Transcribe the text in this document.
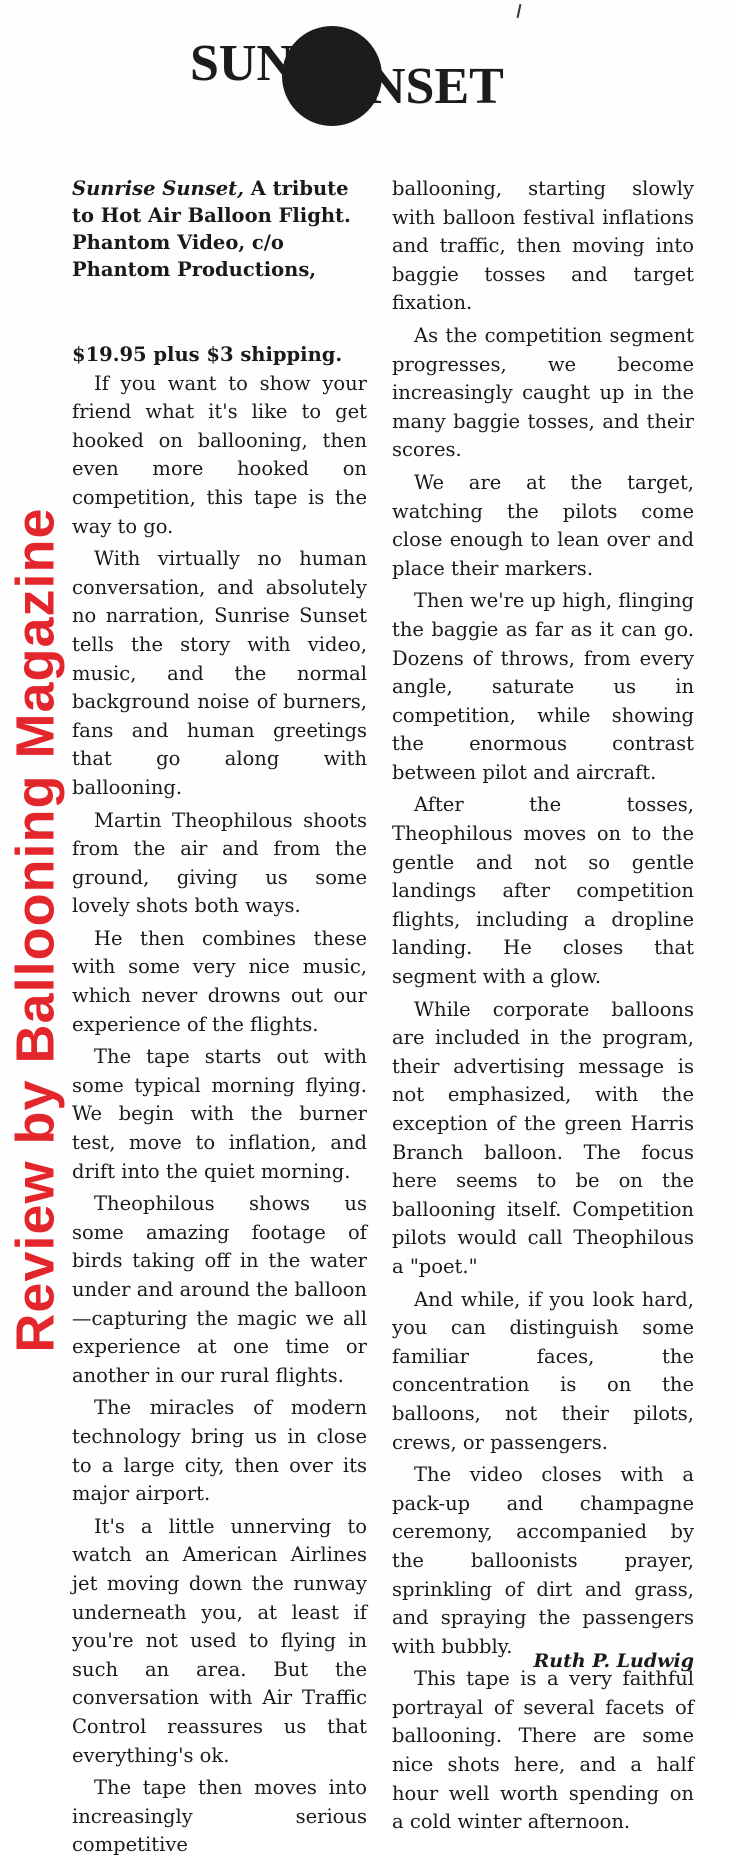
SUNR NSET
Review by Ballooning Magazine
Sunrise Sunset, A tribute to Hot Air Balloon Flight. Phantom Video, c/o Phantom Productions,
$19.95 plus $3 shipping.

If you want to show your friend what it's like to get hooked on ballooning, then even more hooked on competition, this tape is the way to go.

With virtually no human conversation, and absolutely no narration, Sunrise Sunset tells the story with video, music, and the normal background noise of burners, fans and human greetings that go along with ballooning.

Martin Theophilous shoots from the air and from the ground, giving us some lovely shots both ways.

He then combines these with some very nice music, which never drowns out our experience of the flights.

The tape starts out with some typical morning flying. We begin with the burner test, move to inflation, and drift into the quiet morning.

Theophilous shows us some amazing footage of birds taking off in the water under and around the balloon—capturing the magic we all experience at one time or another in our rural flights.

The miracles of modern technology bring us in close to a large city, then over its major airport.

It's a little unnerving to watch an American Airlines jet moving down the runway underneath you, at least if you're not used to flying in such an area. But the conversation with Air Traffic Control reassures us that everything's ok.

The tape then moves into increasingly serious competitive

ballooning, starting slowly with balloon festival inflations and traffic, then moving into baggie tosses and target fixation.

As the competition segment progresses, we become increasingly caught up in the many baggie tosses, and their scores.

We are at the target, watching the pilots come close enough to lean over and place their markers.

Then we're up high, flinging the baggie as far as it can go. Dozens of throws, from every angle, saturate us in competition, while showing the enormous contrast between pilot and aircraft.

After the tosses, Theophilous moves on to the gentle and not so gentle landings after competition flights, including a dropline landing. He closes that segment with a glow.

While corporate balloons are included in the program, their advertising message is not emphasized, with the exception of the green Harris Branch balloon. The focus here seems to be on the ballooning itself. Competition pilots would call Theophilous a "poet."

And while, if you look hard, you can distinguish some familiar faces, the concentration is on the balloons, not their pilots, crews, or passengers.

The video closes with a pack-up and champagne ceremony, accompanied by the balloonists prayer, sprinkling of dirt and grass, and spraying the passengers with bubbly.

This tape is a very faithful portrayal of several facets of ballooning. There are some nice shots here, and a half hour well worth spending on a cold winter afternoon.

Ruth P. Ludwig
